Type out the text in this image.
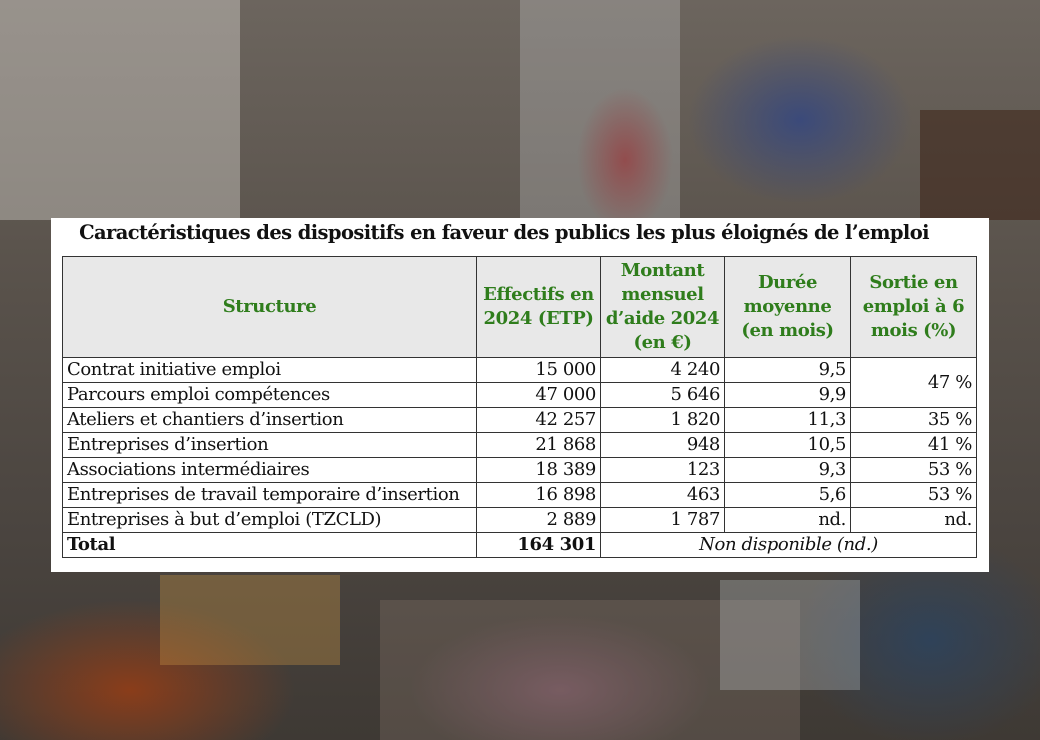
Caractéristiques des dispositifs en faveur des publics les plus éloignés de l’emploi
Structure	Effectifs en 2024 (ETP)	Montant mensuel d’aide 2024 (en €)	Durée moyenne (en mois)	Sortie en emploi à 6 mois (%)
Contrat initiative emploi	15 000	4 240	9,5	47 %
Parcours emploi compétences	47 000	5 646	9,9	
Ateliers et chantiers d’insertion	42 257	1 820	11,3	35 %
Entreprises d’insertion	21 868	948	10,5	41 %
Associations intermédiaires	18 389	123	9,3	53 %
Entreprises de travail temporaire d’insertion	16 898	463	5,6	53 %
Entreprises à but d’emploi (TZCLD)	2 889	1 787	nd.	nd.
Total	164 301	Non disponible (nd.)		
